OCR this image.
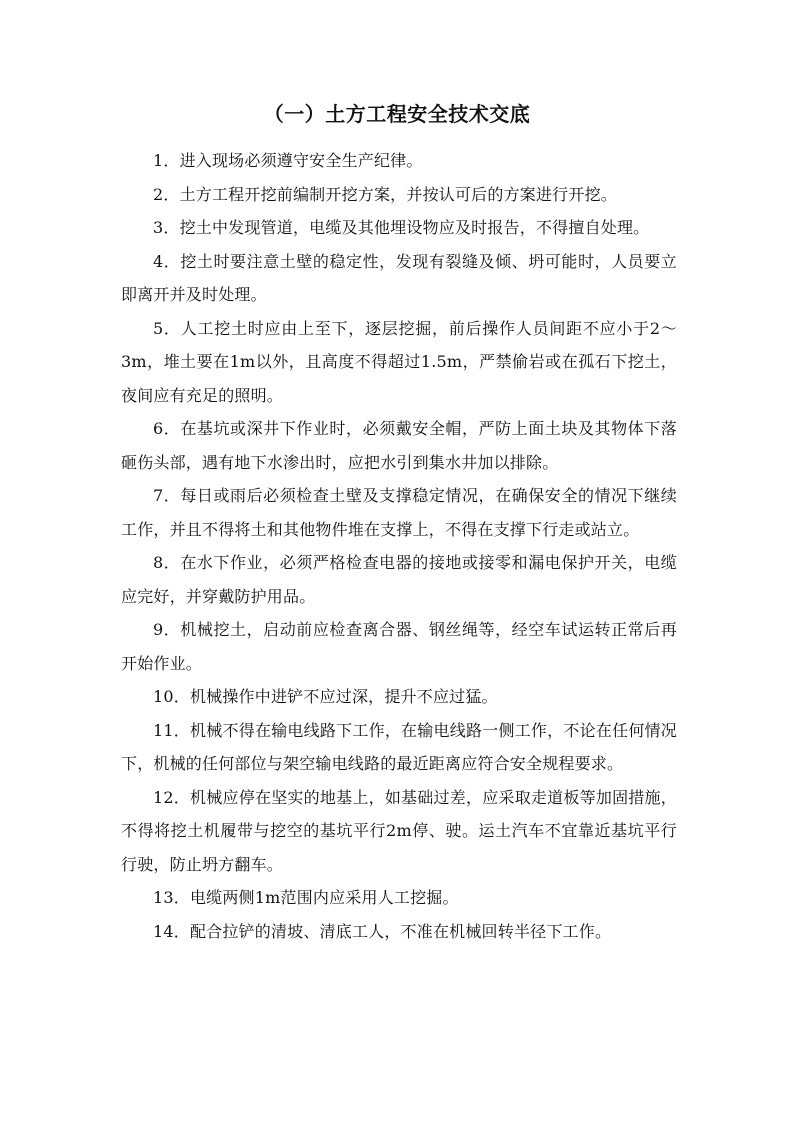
（一）土方工程安全技术交底

1．进入现场必须遵守安全生产纪律。

2．土方工程开挖前编制开挖方案，并按认可后的方案进行开挖。

3．挖土中发现管道，电缆及其他埋设物应及时报告，不得擅自处理。

4．挖土时要注意土壁的稳定性，发现有裂缝及倾、坍可能时，人员要立即离开并及时处理。

5．人工挖土时应由上至下，逐层挖掘，前后操作人员间距不应小于2～3m，堆土要在1m以外，且高度不得超过1.5m，严禁偷岩或在孤石下挖土，夜间应有充足的照明。

6．在基坑或深井下作业时，必须戴安全帽，严防上面土块及其物体下落砸伤头部，遇有地下水渗出时，应把水引到集水井加以排除。

7．每日或雨后必须检查土壁及支撑稳定情况，在确保安全的情况下继续工作，并且不得将土和其他物件堆在支撑上，不得在支撑下行走或站立。

8．在水下作业，必须严格检查电器的接地或接零和漏电保护开关，电缆应完好，并穿戴防护用品。

9．机械挖土，启动前应检查离合器、钢丝绳等，经空车试运转正常后再开始作业。

10．机械操作中进铲不应过深，提升不应过猛。

11．机械不得在输电线路下工作，在输电线路一侧工作，不论在任何情况下，机械的任何部位与架空输电线路的最近距离应符合安全规程要求。

12．机械应停在坚实的地基上，如基础过差，应采取走道板等加固措施，不得将挖土机履带与挖空的基坑平行2m停、驶。运土汽车不宜靠近基坑平行行驶，防止坍方翻车。

13．电缆两侧1m范围内应采用人工挖掘。

14．配合拉铲的清坡、清底工人，不准在机械回转半径下工作。
